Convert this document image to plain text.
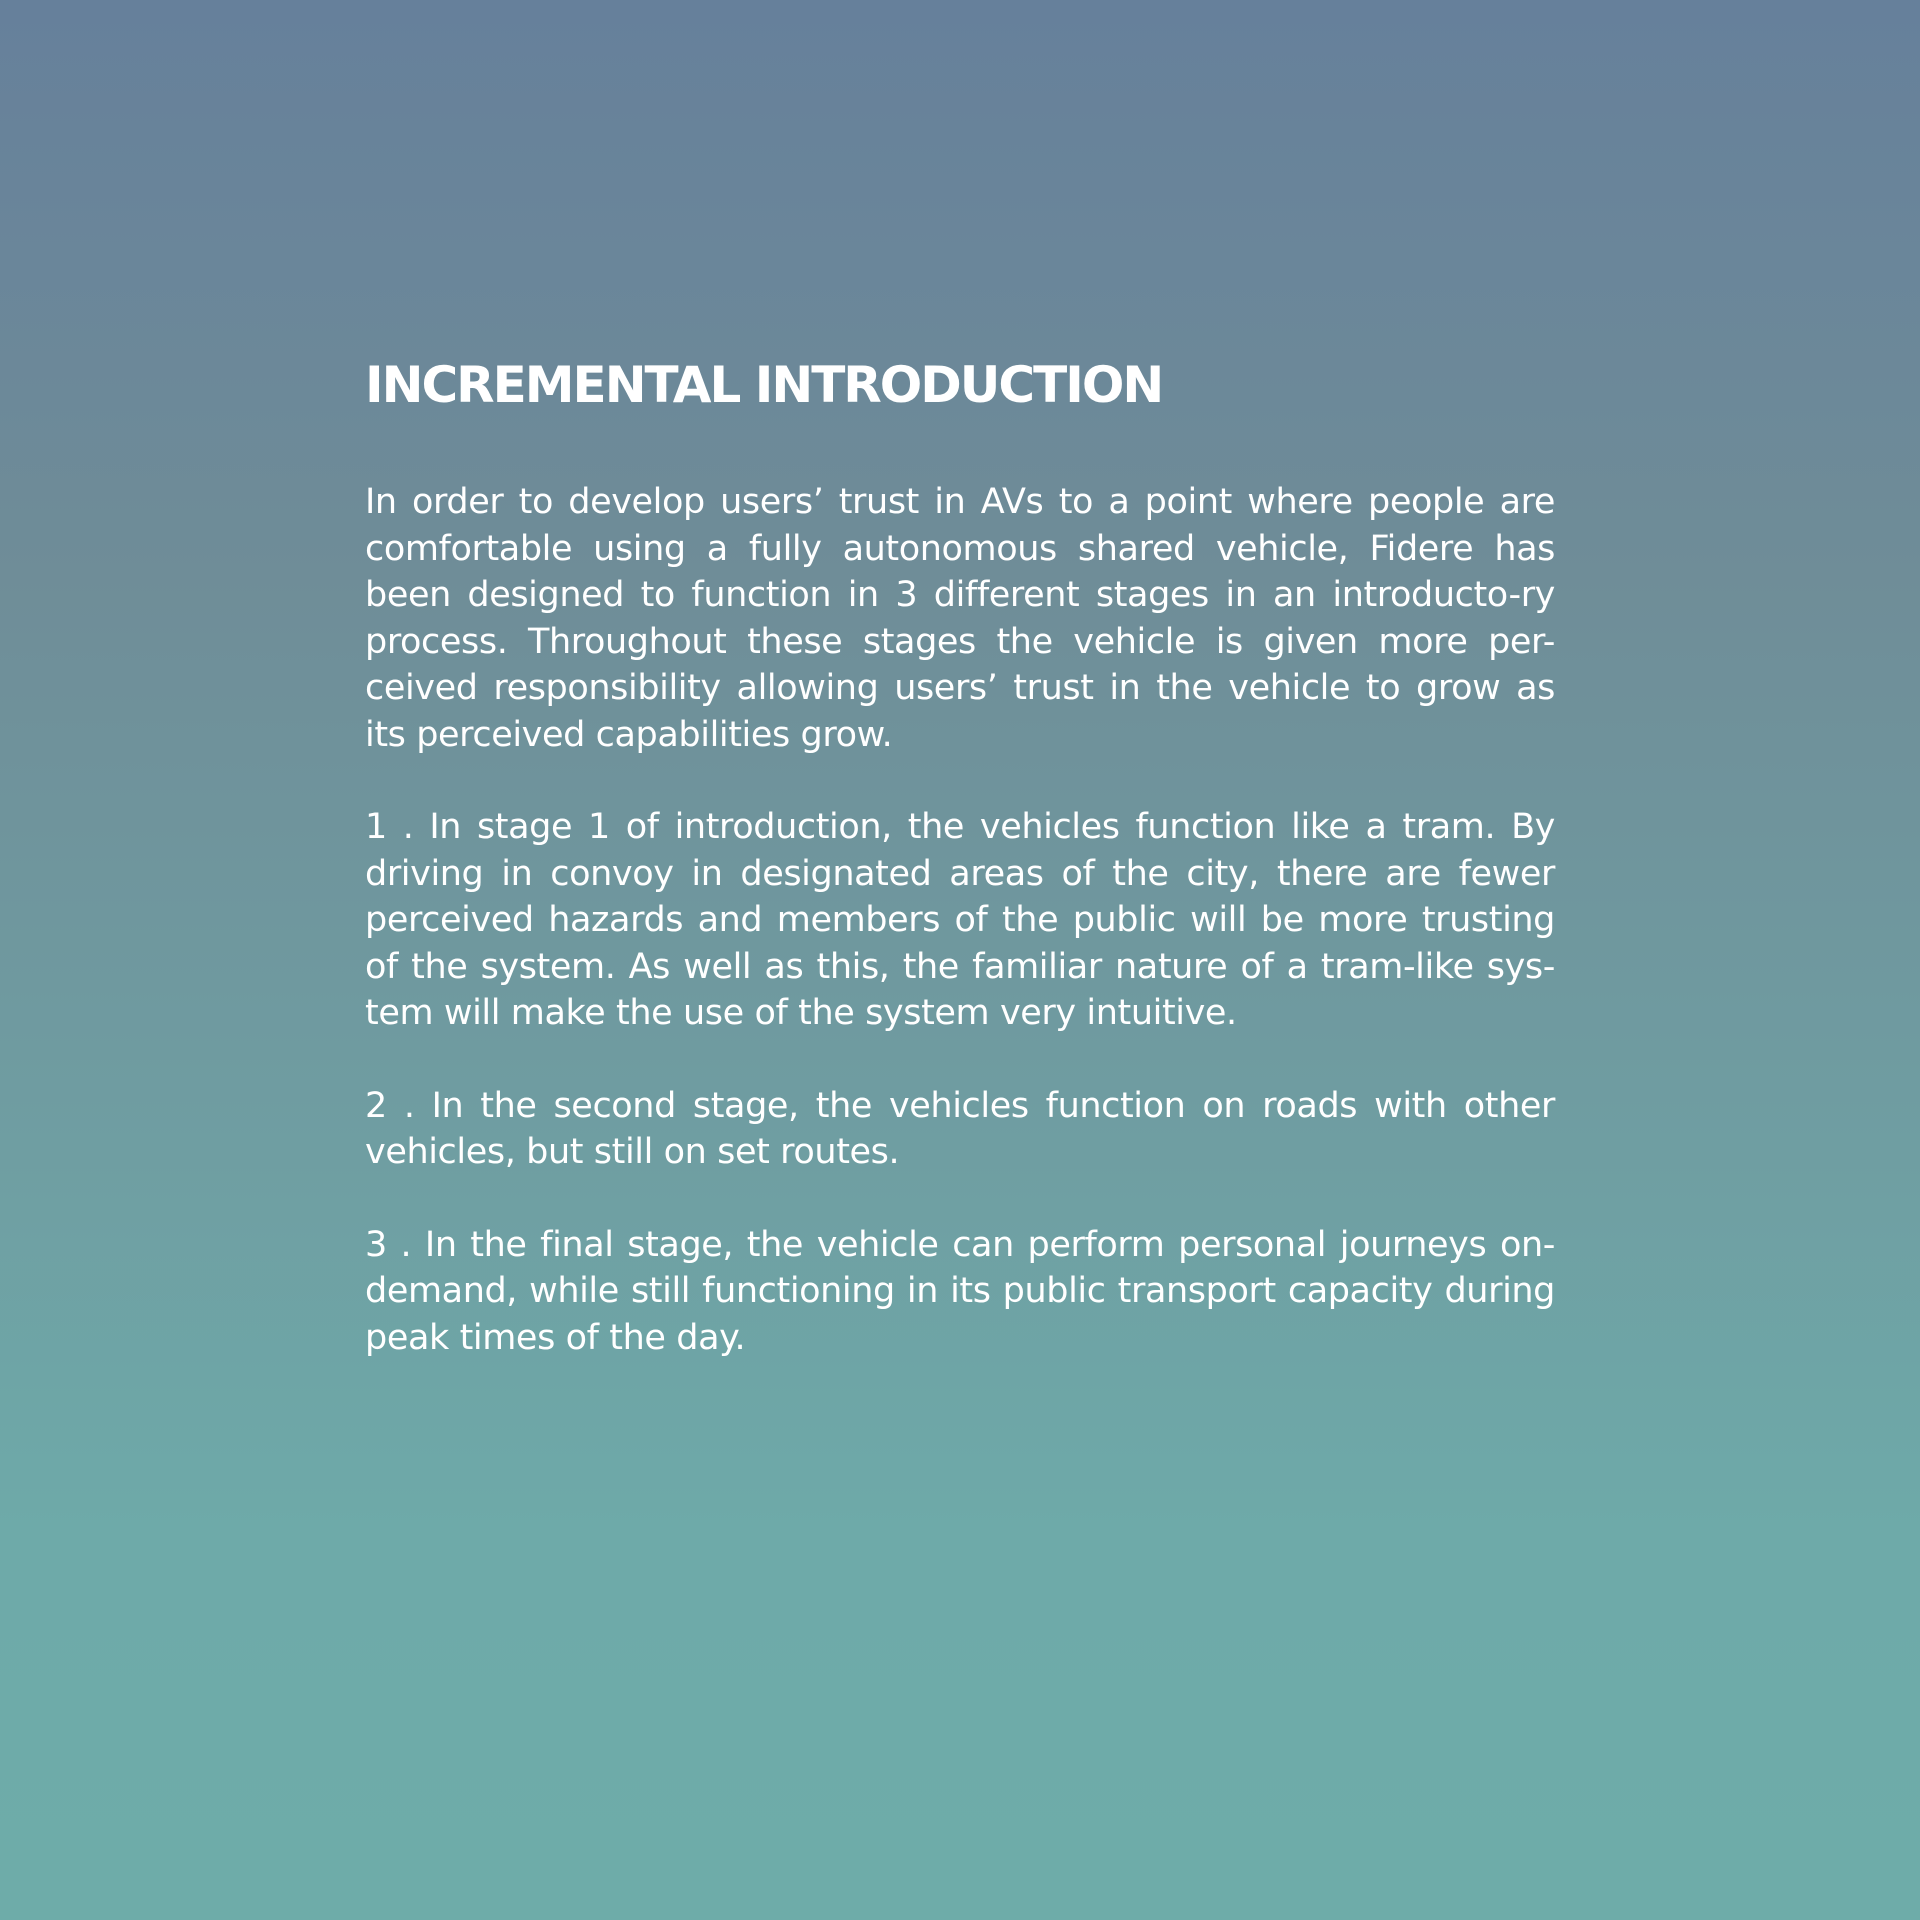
INCREMENTAL INTRODUCTION

In order to develop users’ trust in AVs to a point where people are comfortable using a fully autonomous shared vehicle, Fidere has been designed to function in 3 different stages in an introducto-ry process. Throughout these stages the vehicle is given more per-ceived responsibility allowing users’ trust in the vehicle to grow as its perceived capabilities grow.

1 . In stage 1 of introduction, the vehicles function like a tram. By driving in convoy in designated areas of the city, there are fewer perceived hazards and members of the public will be more trusting of the system. As well as this, the familiar nature of a tram-like sys-tem will make the use of the system very intuitive.

2 . In the second stage, the vehicles function on roads with other vehicles, but still on set routes.

3 . In the final stage, the vehicle can perform personal journeys on-demand, while still functioning in its public transport capacity during peak times of the day.
